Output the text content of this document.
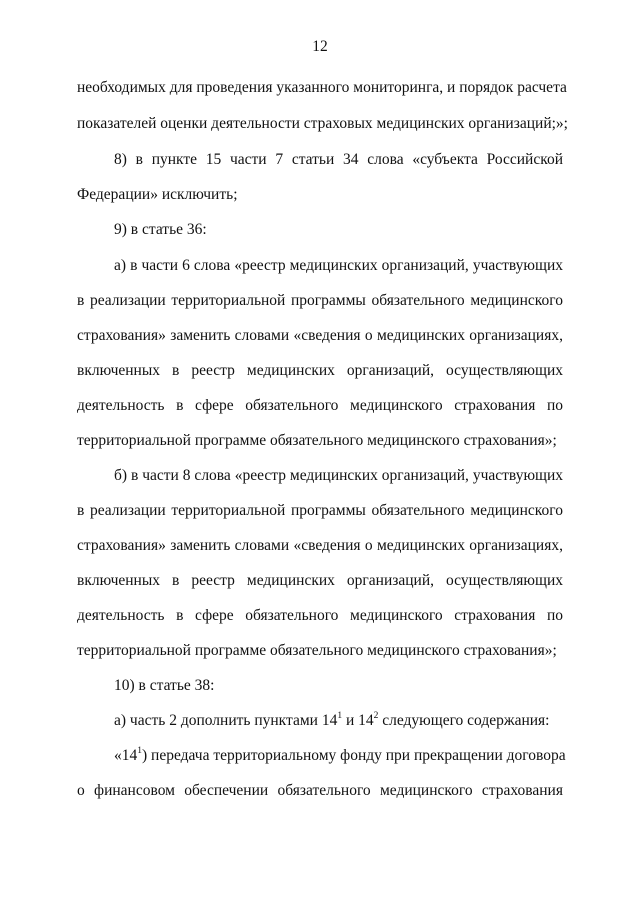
12
необходимых для проведения указанного мониторинга, и порядок расчета
показателей оценки деятельности страховых медицинских организаций;»;
8) в пункте 15 части 7 статьи 34 слова «субъекта Российской
Федерации» исключить;
9) в статье 36:
а) в части 6 слова «реестр медицинских организаций, участвующих
в реализации территориальной программы обязательного медицинского
страхования» заменить словами «сведения о медицинских организациях,
включенных в реестр медицинских организаций, осуществляющих
деятельность в сфере обязательного медицинского страхования по
территориальной программе обязательного медицинского страхования»;
б) в части 8 слова «реестр медицинских организаций, участвующих
в реализации территориальной программы обязательного медицинского
страхования» заменить словами «сведения о медицинских организациях,
включенных в реестр медицинских организаций, осуществляющих
деятельность в сфере обязательного медицинского страхования по
территориальной программе обязательного медицинского страхования»;
10) в статье 38:
а) часть 2 дополнить пунктами $14^1$ и $14^2$ следующего содержания:
«$14^1$) передача территориальному фонду при прекращении договора
о финансовом обеспечении обязательного медицинского страхования
